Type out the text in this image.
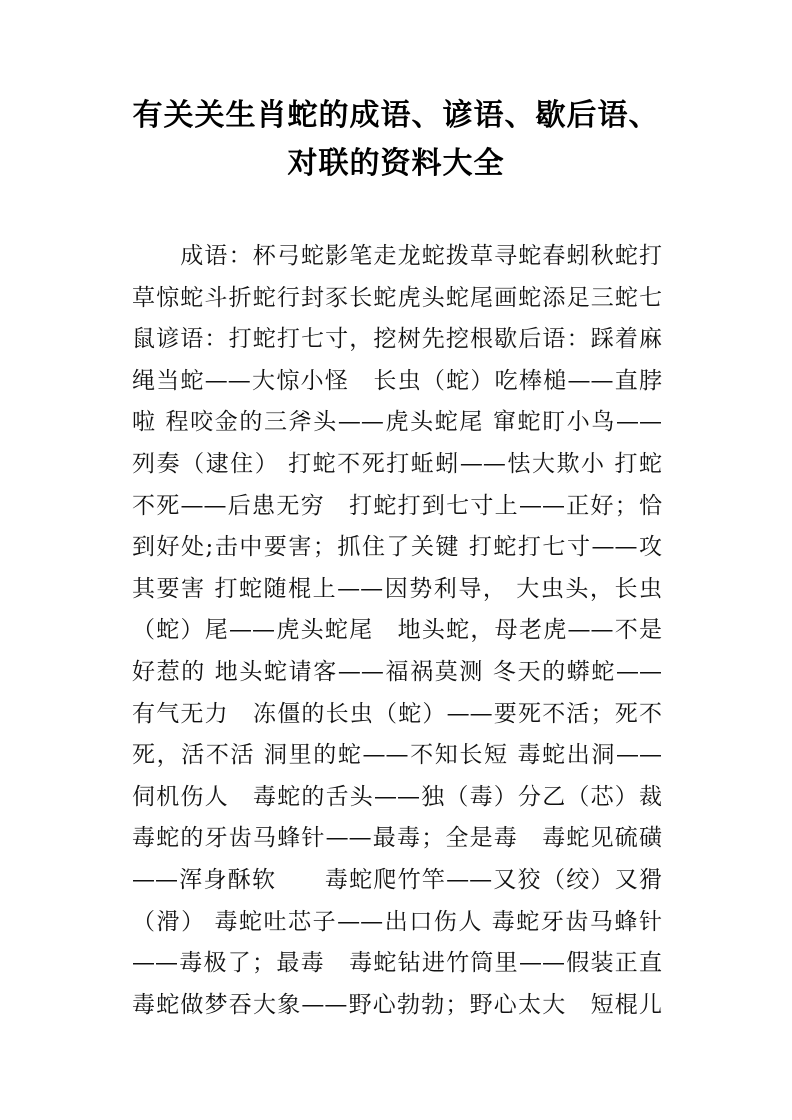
有关关生肖蛇的成语、谚语、歇后语、
对联的资料大全
　　成语：杯弓蛇影笔走龙蛇拨草寻蛇春蚓秋蛇打
草惊蛇斗折蛇行封豕长蛇虎头蛇尾画蛇添足三蛇七
鼠谚语：打蛇打七寸，挖树先挖根歇后语：踩着麻
绳当蛇——大惊小怪　长虫（蛇）吃棒槌——直脖
啦 程咬金的三斧头——虎头蛇尾 窜蛇盯小鸟——
列奏（逮住） 打蛇不死打蚯蚓——怯大欺小 打蛇
不死——后患无穷　打蛇打到七寸上——正好；恰
到好处;击中要害；抓住了关键 打蛇打七寸——攻
其要害 打蛇随棍上——因势利导， 大虫头，长虫
（蛇）尾——虎头蛇尾　地头蛇，母老虎——不是
好惹的 地头蛇请客——福祸莫测 冬天的蟒蛇——
有气无力　冻僵的长虫（蛇）——要死不活；死不
死，活不活 洞里的蛇——不知长短 毒蛇出洞——
伺机伤人　毒蛇的舌头——独（毒）分乙（芯）裁
毒蛇的牙齿马蜂针——最毒；全是毒　毒蛇见硫磺
——浑身酥软　　毒蛇爬竹竿——又狡（绞）又猾
（滑） 毒蛇吐芯子——出口伤人 毒蛇牙齿马蜂针
——毒极了；最毒　毒蛇钻进竹筒里——假装正直
毒蛇做梦吞大象——野心勃勃；野心太大　短棍儿
